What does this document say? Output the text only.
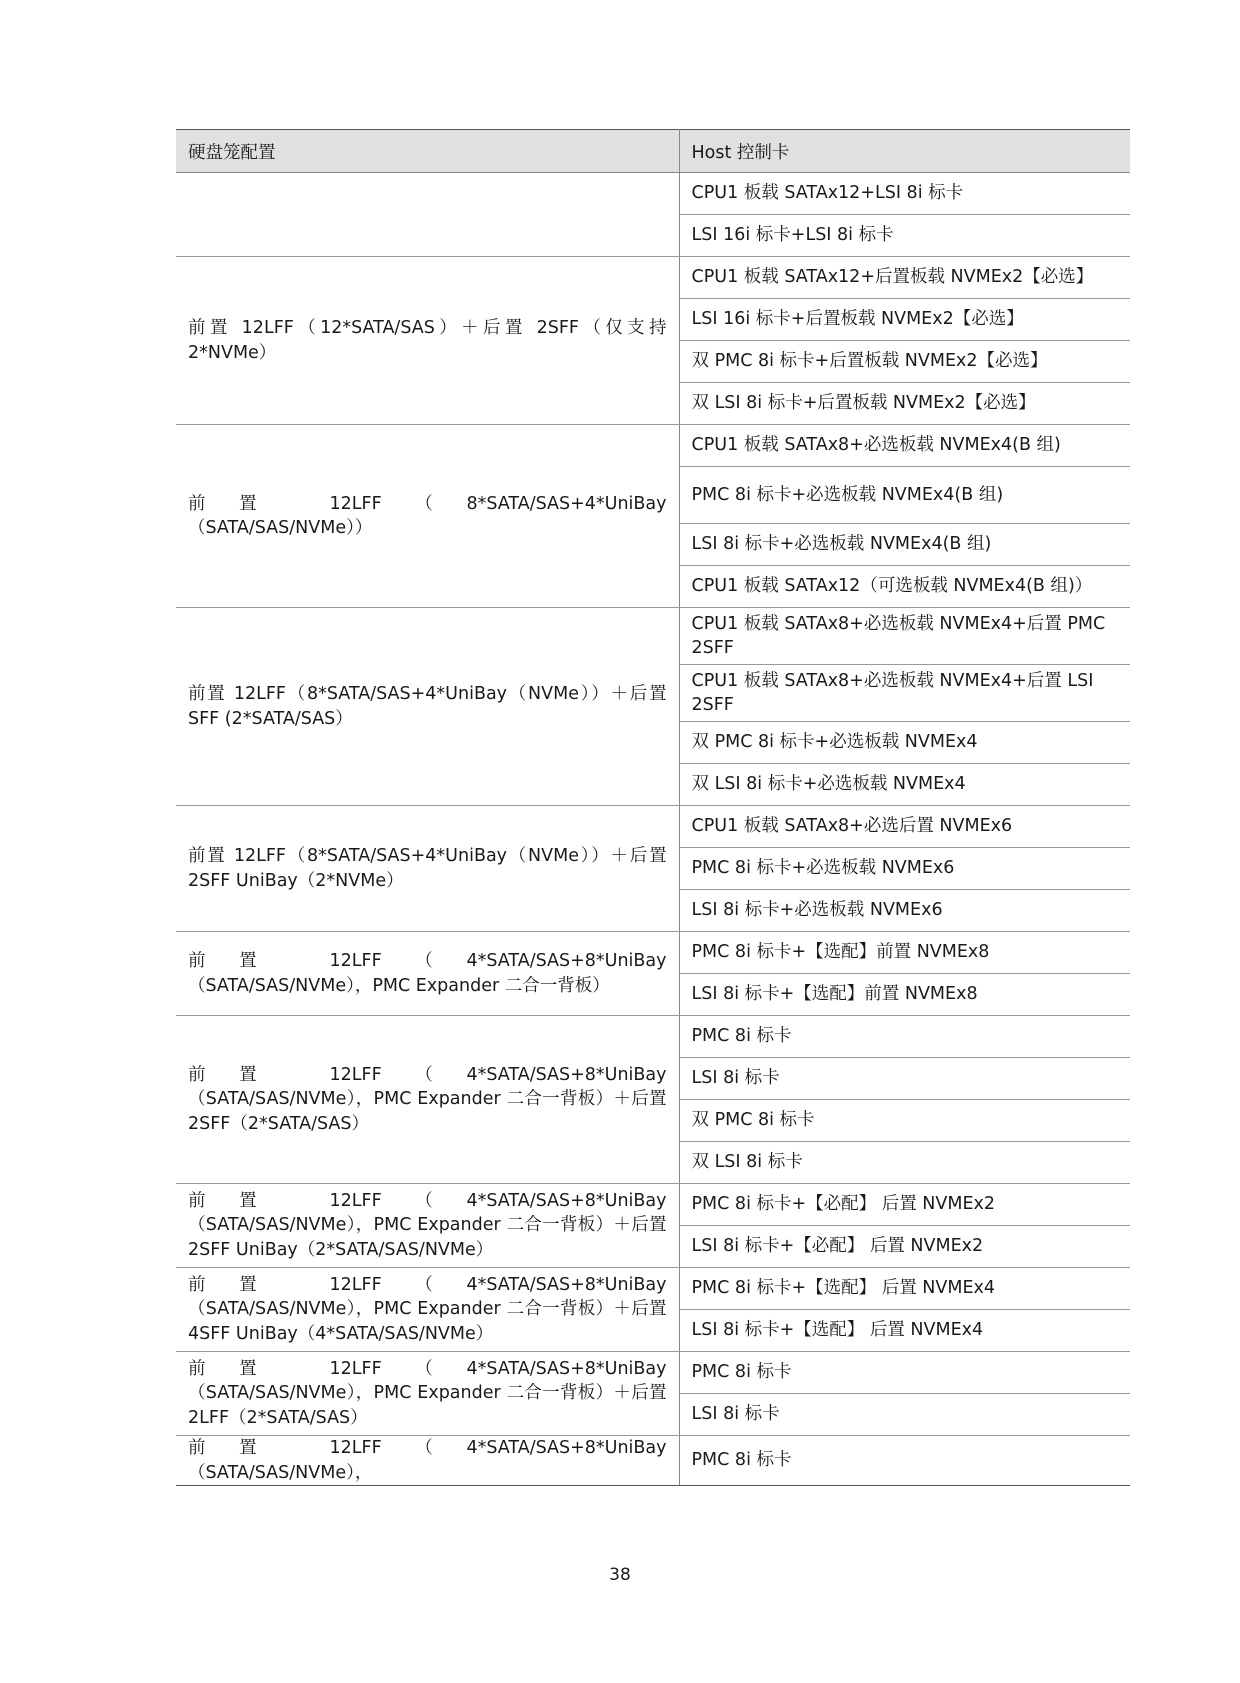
硬盘笼配置	Host 控制卡
	CPU1 板载 SATAx12+LSI 8i 标卡
	LSI 16i 标卡+LSI 8i 标卡
前置 12LFF（12*SATA/SAS）＋后置 2SFF（仅支持 2*NVMe）	CPU1 板载 SATAx12+后置板载 NVMEx2【必选】
	LSI 16i 标卡+后置板载 NVMEx2【必选】
	双 PMC 8i 标卡+后置板载 NVMEx2【必选】
	双 LSI 8i 标卡+后置板载 NVMEx2【必选】
前置 12LFF（8*SATA/SAS+4*UniBay（SATA/SAS/NVMe））	CPU1 板载 SATAx8+必选板载 NVMEx4(B 组)
	PMC 8i 标卡+必选板载 NVMEx4(B 组)
	LSI 8i 标卡+必选板载 NVMEx4(B 组)
	CPU1 板载 SATAx12（可选板载 NVMEx4(B 组)）
前置 12LFF（8*SATA/SAS+4*UniBay（NVMe））＋后置 SFF (2*SATA/SAS）	CPU1 板载 SATAx8+必选板载 NVMEx4+后置 PMC 2SFF
	CPU1 板载 SATAx8+必选板载 NVMEx4+后置 LSI 2SFF
	双 PMC 8i 标卡+必选板载 NVMEx4
	双 LSI 8i 标卡+必选板载 NVMEx4
前置 12LFF（8*SATA/SAS+4*UniBay（NVMe））＋后置 2SFF UniBay（2*NVMe）	CPU1 板载 SATAx8+必选后置 NVMEx6
	PMC 8i 标卡+必选板载 NVMEx6
	LSI 8i 标卡+必选板载 NVMEx6
前置 12LFF（4*SATA/SAS+8*UniBay（SATA/SAS/NVMe），PMC Expander 二合一背板）	PMC 8i 标卡+【选配】前置 NVMEx8
	LSI 8i 标卡+【选配】前置 NVMEx8
前置 12LFF（4*SATA/SAS+8*UniBay（SATA/SAS/NVMe），PMC Expander 二合一背板）＋后置 2SFF（2*SATA/SAS）	PMC 8i 标卡
	LSI 8i 标卡
	双 PMC 8i 标卡
	双 LSI 8i 标卡
前置 12LFF（4*SATA/SAS+8*UniBay（SATA/SAS/NVMe），PMC Expander 二合一背板）＋后置 2SFF UniBay（2*SATA/SAS/NVMe）	PMC 8i 标卡+【必配】 后置 NVMEx2
	LSI 8i 标卡+【必配】 后置 NVMEx2
前置 12LFF（4*SATA/SAS+8*UniBay（SATA/SAS/NVMe），PMC Expander 二合一背板）＋后置 4SFF UniBay（4*SATA/SAS/NVMe）	PMC 8i 标卡+【选配】 后置 NVMEx4
	LSI 8i 标卡+【选配】 后置 NVMEx4
前置 12LFF（4*SATA/SAS+8*UniBay（SATA/SAS/NVMe），PMC Expander 二合一背板）＋后置 2LFF（2*SATA/SAS）	PMC 8i 标卡
	LSI 8i 标卡
前置 12LFF（4*SATA/SAS+8*UniBay（SATA/SAS/NVMe），	PMC 8i 标卡
38
